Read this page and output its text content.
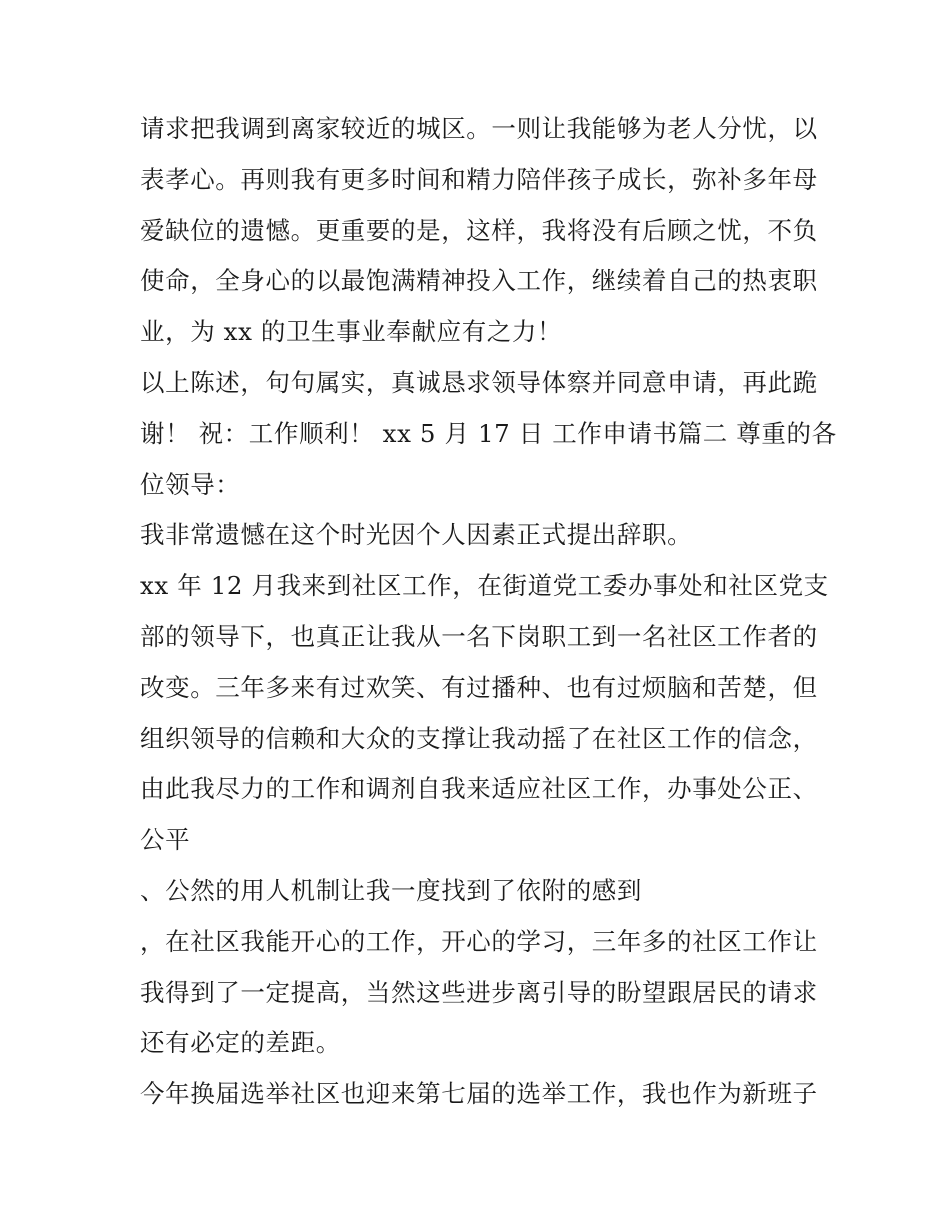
请求把我调到离家较近的城区。一则让我能够为老人分忧，以
表孝心。再则我有更多时间和精力陪伴孩子成长，弥补多年母
爱缺位的遗憾。更重要的是，这样，我将没有后顾之忧，不负
使命，全身心的以最饱满精神投入工作，继续着自己的热衷职
业，为 xx 的卫生事业奉献应有之力！
以上陈述，句句属实，真诚恳求领导体察并同意申请，再此跪
谢！ 祝：工作顺利！ xx 5 月 17 日 工作申请书篇二 尊重的各
位领导：
我非常遗憾在这个时光因个人因素正式提出辞职。
xx 年 12 月我来到社区工作，在街道党工委办事处和社区党支
部的领导下，也真正让我从一名下岗职工到一名社区工作者的
改变。三年多来有过欢笑、有过播种、也有过烦脑和苦楚，但
组织领导的信赖和大众的支撑让我动摇了在社区工作的信念，
由此我尽力的工作和调剂自我来适应社区工作，办事处公正、
公平
、公然的用人机制让我一度找到了依附的感到
，在社区我能开心的工作，开心的学习，三年多的社区工作让
我得到了一定提高，当然这些进步离引导的盼望跟居民的请求
还有必定的差距。
今年换届选举社区也迎来第七届的选举工作，我也作为新班子
